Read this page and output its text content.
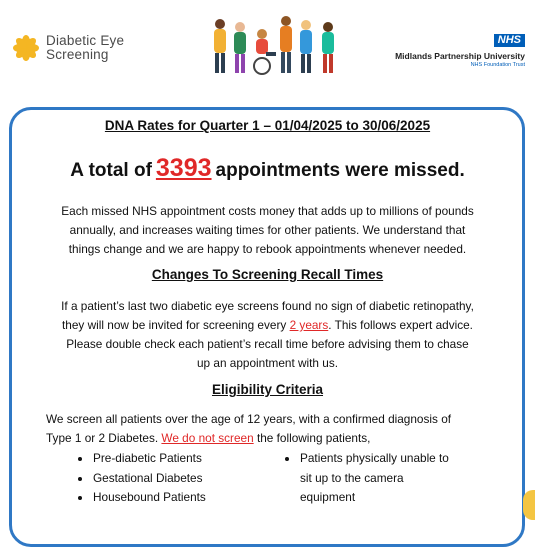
Diabetic Eye
Screening
NHS
Midlands Partnership University
NHS Foundation Trust
DNA Rates for Quarter 1 – 01/04/2025 to 30/06/2025
A total of 3393 appointments were missed.
Each missed NHS appointment costs money that adds up to millions of pounds
annually, and increases waiting times for other patients. We understand that
things change and we are happy to rebook appointments whenever needed.
Changes To Screening Recall Times
If a patient’s last two diabetic eye screens found no sign of diabetic retinopathy,
they will now be invited for screening every 2 years. This follows expert advice.
Please double check each patient’s recall time before advising them to chase
up an appointment with us.
Eligibility Criteria
We screen all patients over the age of 12 years, with a confirmed diagnosis of
Type 1 or 2 Diabetes. We do not screen the following patients,
Pre-diabetic Patients
Gestational Diabetes
Housebound Patients
Patients physically unable to
sit up to the camera
equipment
